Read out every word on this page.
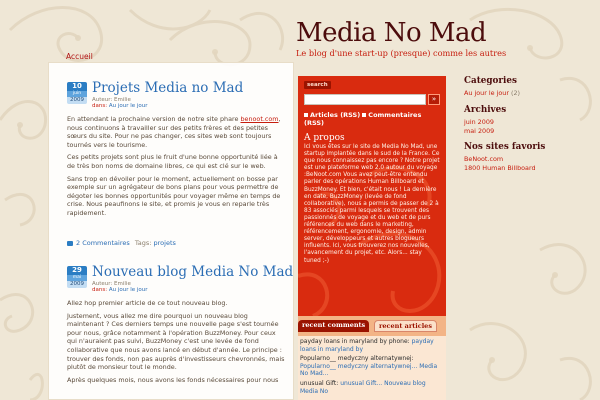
Media No Mad
Le blog d'une start-up (presque) comme les autres
Accueil
10
juin
2009
Projets Media no Mad
Auteur: Emilie
dans: Au jour le jour

En attendant la prochaine version de notre site phare benoot.com, nous continuons à travailler sur des petits frères et des petites sœurs du site. Pour ne pas changer, ces sites web sont toujours tournés vers le tourisme.

Ces petits projets sont plus le fruit d'une bonne opportunité liée à de très bon noms de domaine libres, ce qui est clé sur le web.

Sans trop en dévoiler pour le moment, actuellement on bosse par exemple sur un agrégateur de bons plans pour vous permettre de dégoter les bonnes opportunités pour voyager même en temps de crise. Nous peaufinons le site, et promis je vous en reparle très rapidement.

2 Commentaires Tags: projets
29
mai
2009
Nouveau blog Media No Mad
Auteur: Emilie
dans: Au jour le jour

Allez hop premier article de ce tout nouveau blog.

Justement, vous allez me dire pourquoi un nouveau blog maintenant ? Ces derniers temps une nouvelle page s'est tournée pour nous, grâce notamment à l'opération BuzzMoney. Pour ceux qui n'auraient pas suivi, BuzzMoney c'est une levée de fond collaborative que nous avons lancé en début d'année. Le principe : trouver des fonds, non pas auprès d'investisseurs chevronnés, mais plutôt de monsieur tout le monde.

Après quelques mois, nous avons les fonds nécessaires pour nous

search
»
Articles (RSS) Commentaires (RSS)
A propos
Ici vous êtes sur le site de Media No Mad, une startup implantée dans le sud de la France. Ce que nous connaissez pas encore ? Notre projet est une plateforme web 2.0 autour du voyage :BeNoot.com Vous avez peut-être entendu parler des opérations Human Billboard et BuzzMoney. Et bien, c'était nous ! La dernière en date, BuzzMoney (levée de fond collaborative), nous a permis de passer de 2 à 83 associés parmi lesquels se trouvent des passionnés de voyage et du web et de purs références du web dans le marketing, référencement, ergonomie, design, admin server, développeurs et autres blogueurs influents. Ici, vous trouverez nos nouvelles, l'avancement du projet, etc. Alors... stay tuned ;-)
recent comments	recent articles
payday loans in maryland by phone: payday loans in maryland by
Popularno__ medyczny alternatywnej: Popularno__ medyczny alternatywnej... Media No Mad...
unusual Gift: unusual Gift... Nouveau blog Media No
Categories
Au jour le jour (2)
Archives
juin 2009
mai 2009
Nos sites favoris
BeNoot.com
1800 Human Billboard
